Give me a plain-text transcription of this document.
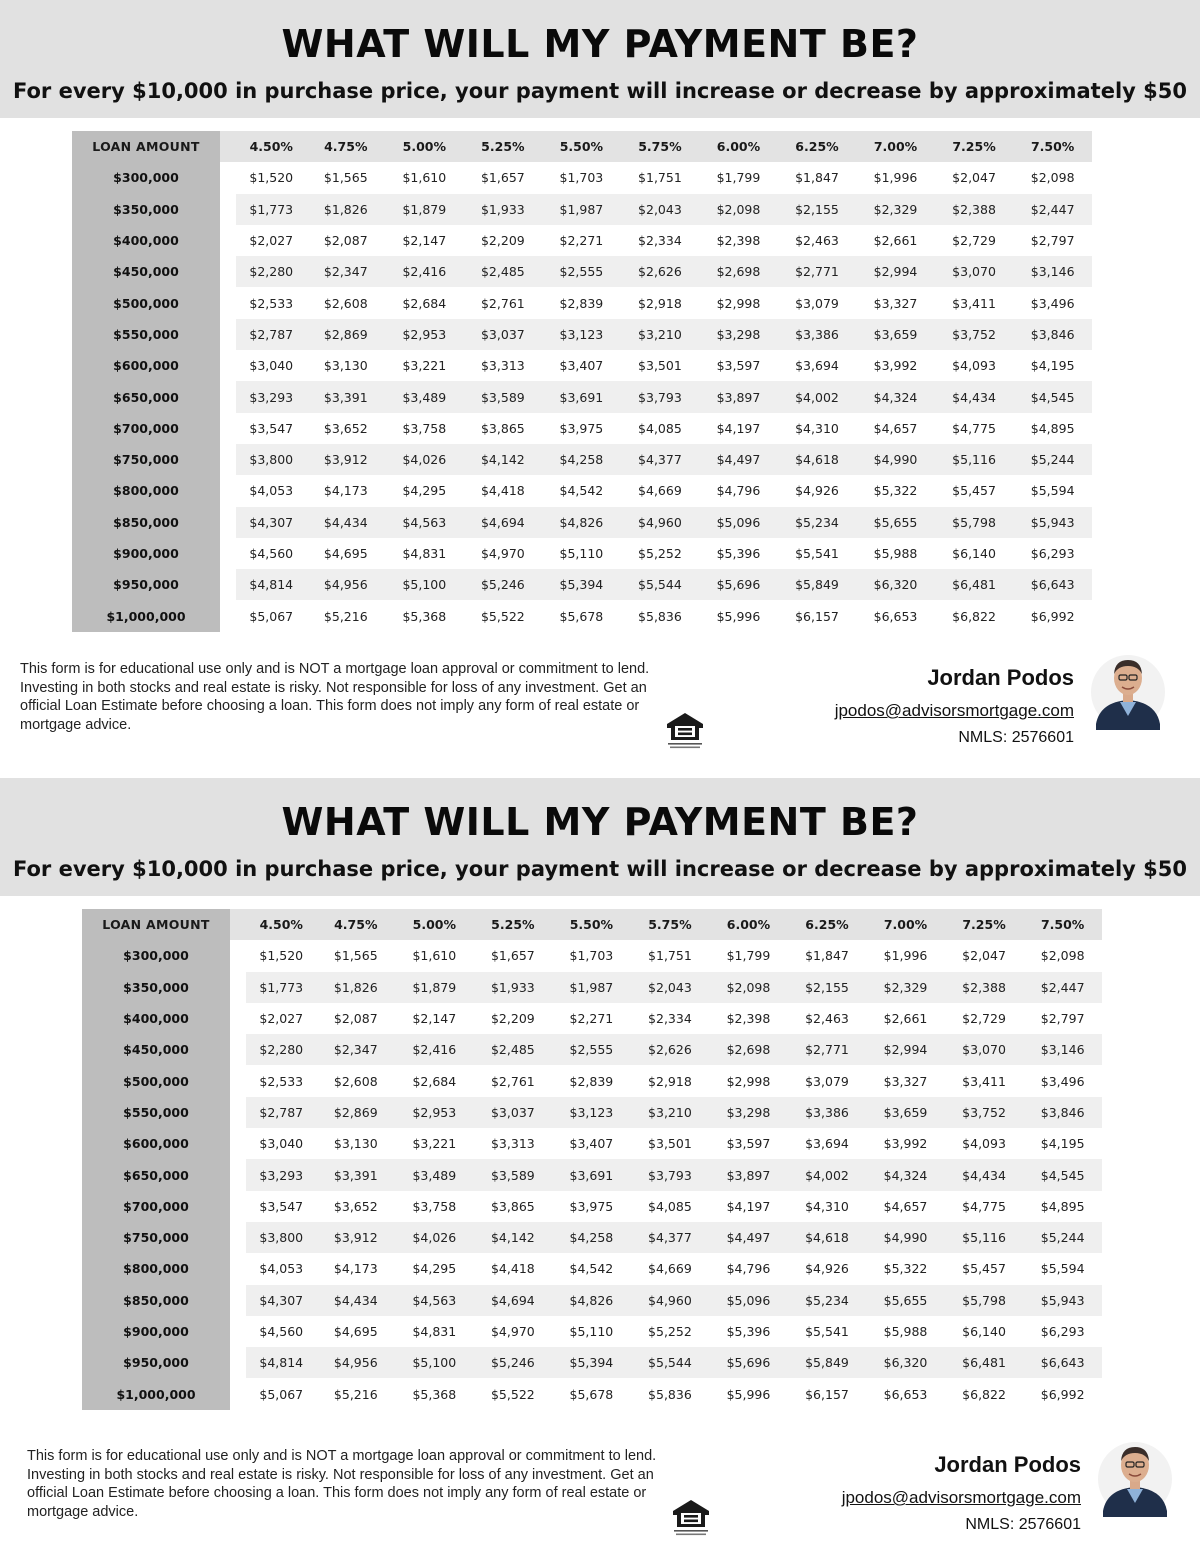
WHAT WILL MY PAYMENT BE?

For every $10,000 in purchase price, your payment will increase or decrease by approximately $50

LOAN AMOUNT	4.50%	4.75%	5.00%	5.25%	5.50%	5.75%	6.00%	6.25%	7.00%	7.25%	7.50%
$300,000	$1,520	$1,565	$1,610	$1,657	$1,703	$1,751	$1,799	$1,847	$1,996	$2,047	$2,098
$350,000	$1,773	$1,826	$1,879	$1,933	$1,987	$2,043	$2,098	$2,155	$2,329	$2,388	$2,447
$400,000	$2,027	$2,087	$2,147	$2,209	$2,271	$2,334	$2,398	$2,463	$2,661	$2,729	$2,797
$450,000	$2,280	$2,347	$2,416	$2,485	$2,555	$2,626	$2,698	$2,771	$2,994	$3,070	$3,146
$500,000	$2,533	$2,608	$2,684	$2,761	$2,839	$2,918	$2,998	$3,079	$3,327	$3,411	$3,496
$550,000	$2,787	$2,869	$2,953	$3,037	$3,123	$3,210	$3,298	$3,386	$3,659	$3,752	$3,846
$600,000	$3,040	$3,130	$3,221	$3,313	$3,407	$3,501	$3,597	$3,694	$3,992	$4,093	$4,195
$650,000	$3,293	$3,391	$3,489	$3,589	$3,691	$3,793	$3,897	$4,002	$4,324	$4,434	$4,545
$700,000	$3,547	$3,652	$3,758	$3,865	$3,975	$4,085	$4,197	$4,310	$4,657	$4,775	$4,895
$750,000	$3,800	$3,912	$4,026	$4,142	$4,258	$4,377	$4,497	$4,618	$4,990	$5,116	$5,244
$800,000	$4,053	$4,173	$4,295	$4,418	$4,542	$4,669	$4,796	$4,926	$5,322	$5,457	$5,594
$850,000	$4,307	$4,434	$4,563	$4,694	$4,826	$4,960	$5,096	$5,234	$5,655	$5,798	$5,943
$900,000	$4,560	$4,695	$4,831	$4,970	$5,110	$5,252	$5,396	$5,541	$5,988	$6,140	$6,293
$950,000	$4,814	$4,956	$5,100	$5,246	$5,394	$5,544	$5,696	$5,849	$6,320	$6,481	$6,643
$1,000,000	$5,067	$5,216	$5,368	$5,522	$5,678	$5,836	$5,996	$6,157	$6,653	$6,822	$6,992

This form is for educational use only and is NOT a mortgage loan approval or commitment to lend. Investing in both stocks and real estate is risky. Not responsible for loss of any investment. Get an official Loan Estimate before choosing a loan. This form does not imply any form of real estate or mortgage advice.

Jordan Podos
jpodos@advisorsmortgage.com
NMLS: 2576601
WHAT WILL MY PAYMENT BE?

For every $10,000 in purchase price, your payment will increase or decrease by approximately $50

LOAN AMOUNT	4.50%	4.75%	5.00%	5.25%	5.50%	5.75%	6.00%	6.25%	7.00%	7.25%	7.50%
$300,000	$1,520	$1,565	$1,610	$1,657	$1,703	$1,751	$1,799	$1,847	$1,996	$2,047	$2,098
$350,000	$1,773	$1,826	$1,879	$1,933	$1,987	$2,043	$2,098	$2,155	$2,329	$2,388	$2,447
$400,000	$2,027	$2,087	$2,147	$2,209	$2,271	$2,334	$2,398	$2,463	$2,661	$2,729	$2,797
$450,000	$2,280	$2,347	$2,416	$2,485	$2,555	$2,626	$2,698	$2,771	$2,994	$3,070	$3,146
$500,000	$2,533	$2,608	$2,684	$2,761	$2,839	$2,918	$2,998	$3,079	$3,327	$3,411	$3,496
$550,000	$2,787	$2,869	$2,953	$3,037	$3,123	$3,210	$3,298	$3,386	$3,659	$3,752	$3,846
$600,000	$3,040	$3,130	$3,221	$3,313	$3,407	$3,501	$3,597	$3,694	$3,992	$4,093	$4,195
$650,000	$3,293	$3,391	$3,489	$3,589	$3,691	$3,793	$3,897	$4,002	$4,324	$4,434	$4,545
$700,000	$3,547	$3,652	$3,758	$3,865	$3,975	$4,085	$4,197	$4,310	$4,657	$4,775	$4,895
$750,000	$3,800	$3,912	$4,026	$4,142	$4,258	$4,377	$4,497	$4,618	$4,990	$5,116	$5,244
$800,000	$4,053	$4,173	$4,295	$4,418	$4,542	$4,669	$4,796	$4,926	$5,322	$5,457	$5,594
$850,000	$4,307	$4,434	$4,563	$4,694	$4,826	$4,960	$5,096	$5,234	$5,655	$5,798	$5,943
$900,000	$4,560	$4,695	$4,831	$4,970	$5,110	$5,252	$5,396	$5,541	$5,988	$6,140	$6,293
$950,000	$4,814	$4,956	$5,100	$5,246	$5,394	$5,544	$5,696	$5,849	$6,320	$6,481	$6,643
$1,000,000	$5,067	$5,216	$5,368	$5,522	$5,678	$5,836	$5,996	$6,157	$6,653	$6,822	$6,992

This form is for educational use only and is NOT a mortgage loan approval or commitment to lend. Investing in both stocks and real estate is risky. Not responsible for loss of any investment. Get an official Loan Estimate before choosing a loan. This form does not imply any form of real estate or mortgage advice.

Jordan Podos
jpodos@advisorsmortgage.com
NMLS: 2576601
